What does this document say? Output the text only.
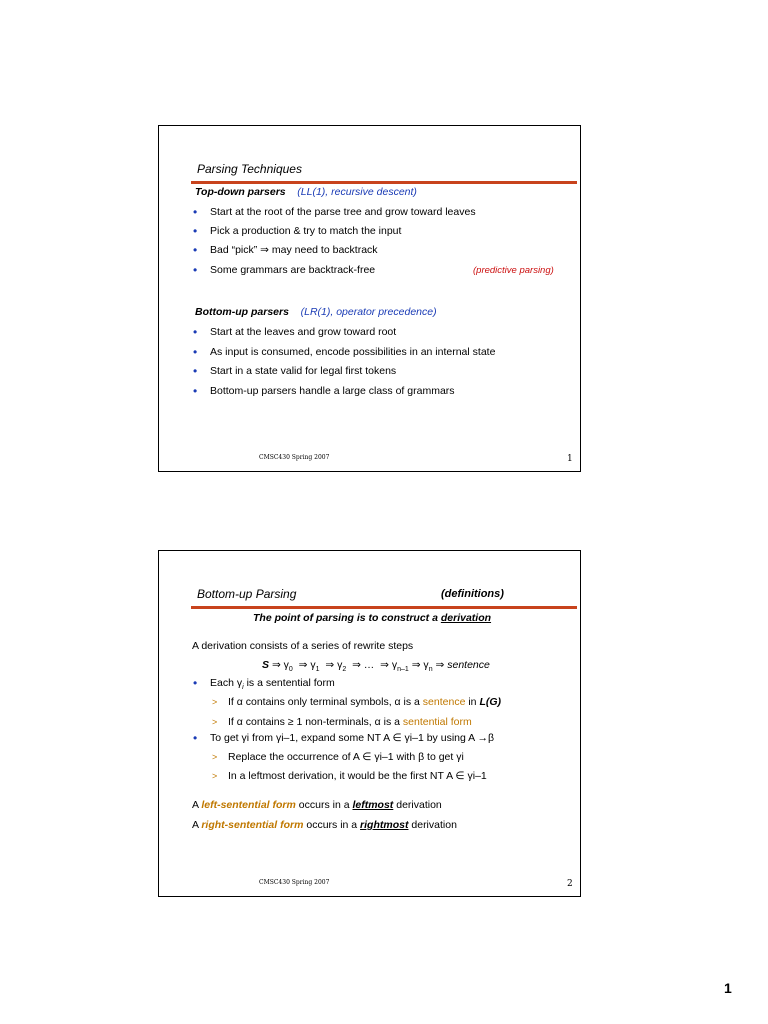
Parsing Techniques
Top-down parsers (LL(1), recursive descent)
• Start at the root of the parse tree and grow toward leaves
• Pick a production & try to match the input
• Bad “pick” ⇒ may need to backtrack
• Some grammars are backtrack-free	(predictive parsing)
Bottom-up parsers (LR(1), operator precedence)
• Start at the leaves and grow toward root
• As input is consumed, encode possibilities in an internal state
• Start in a state valid for legal first tokens
• Bottom-up parsers handle a large class of grammars
CMSC430 Spring 2007	1
Bottom-up Parsing	(definitions)
The point of parsing is to construct a derivation
A derivation consists of a series of rewrite steps
S ⇒ $\gamma_0$  ⇒ $\gamma_1$  ⇒ $\gamma_2$  ⇒ …  ⇒ $\gamma_{n-1}$ ⇒ $\gamma_n$ ⇒ sentence
• Each $\gamma_i$ is a sentential form
> If α contains only terminal symbols, α is a sentence in L(G)
> If α contains ≥ 1 non-terminals, α is a sentential form
• To get γi from γi–1, expand some NT A ∈ γi–1 by using A →β
> Replace the occurrence of A ∈ γi–1 with β to get γi
> In a leftmost derivation, it would be the first NT A ∈ γi–1
A left-sentential form occurs in a leftmost derivation
A right-sentential form occurs in a rightmost derivation
CMSC430 Spring 2007	2
1
